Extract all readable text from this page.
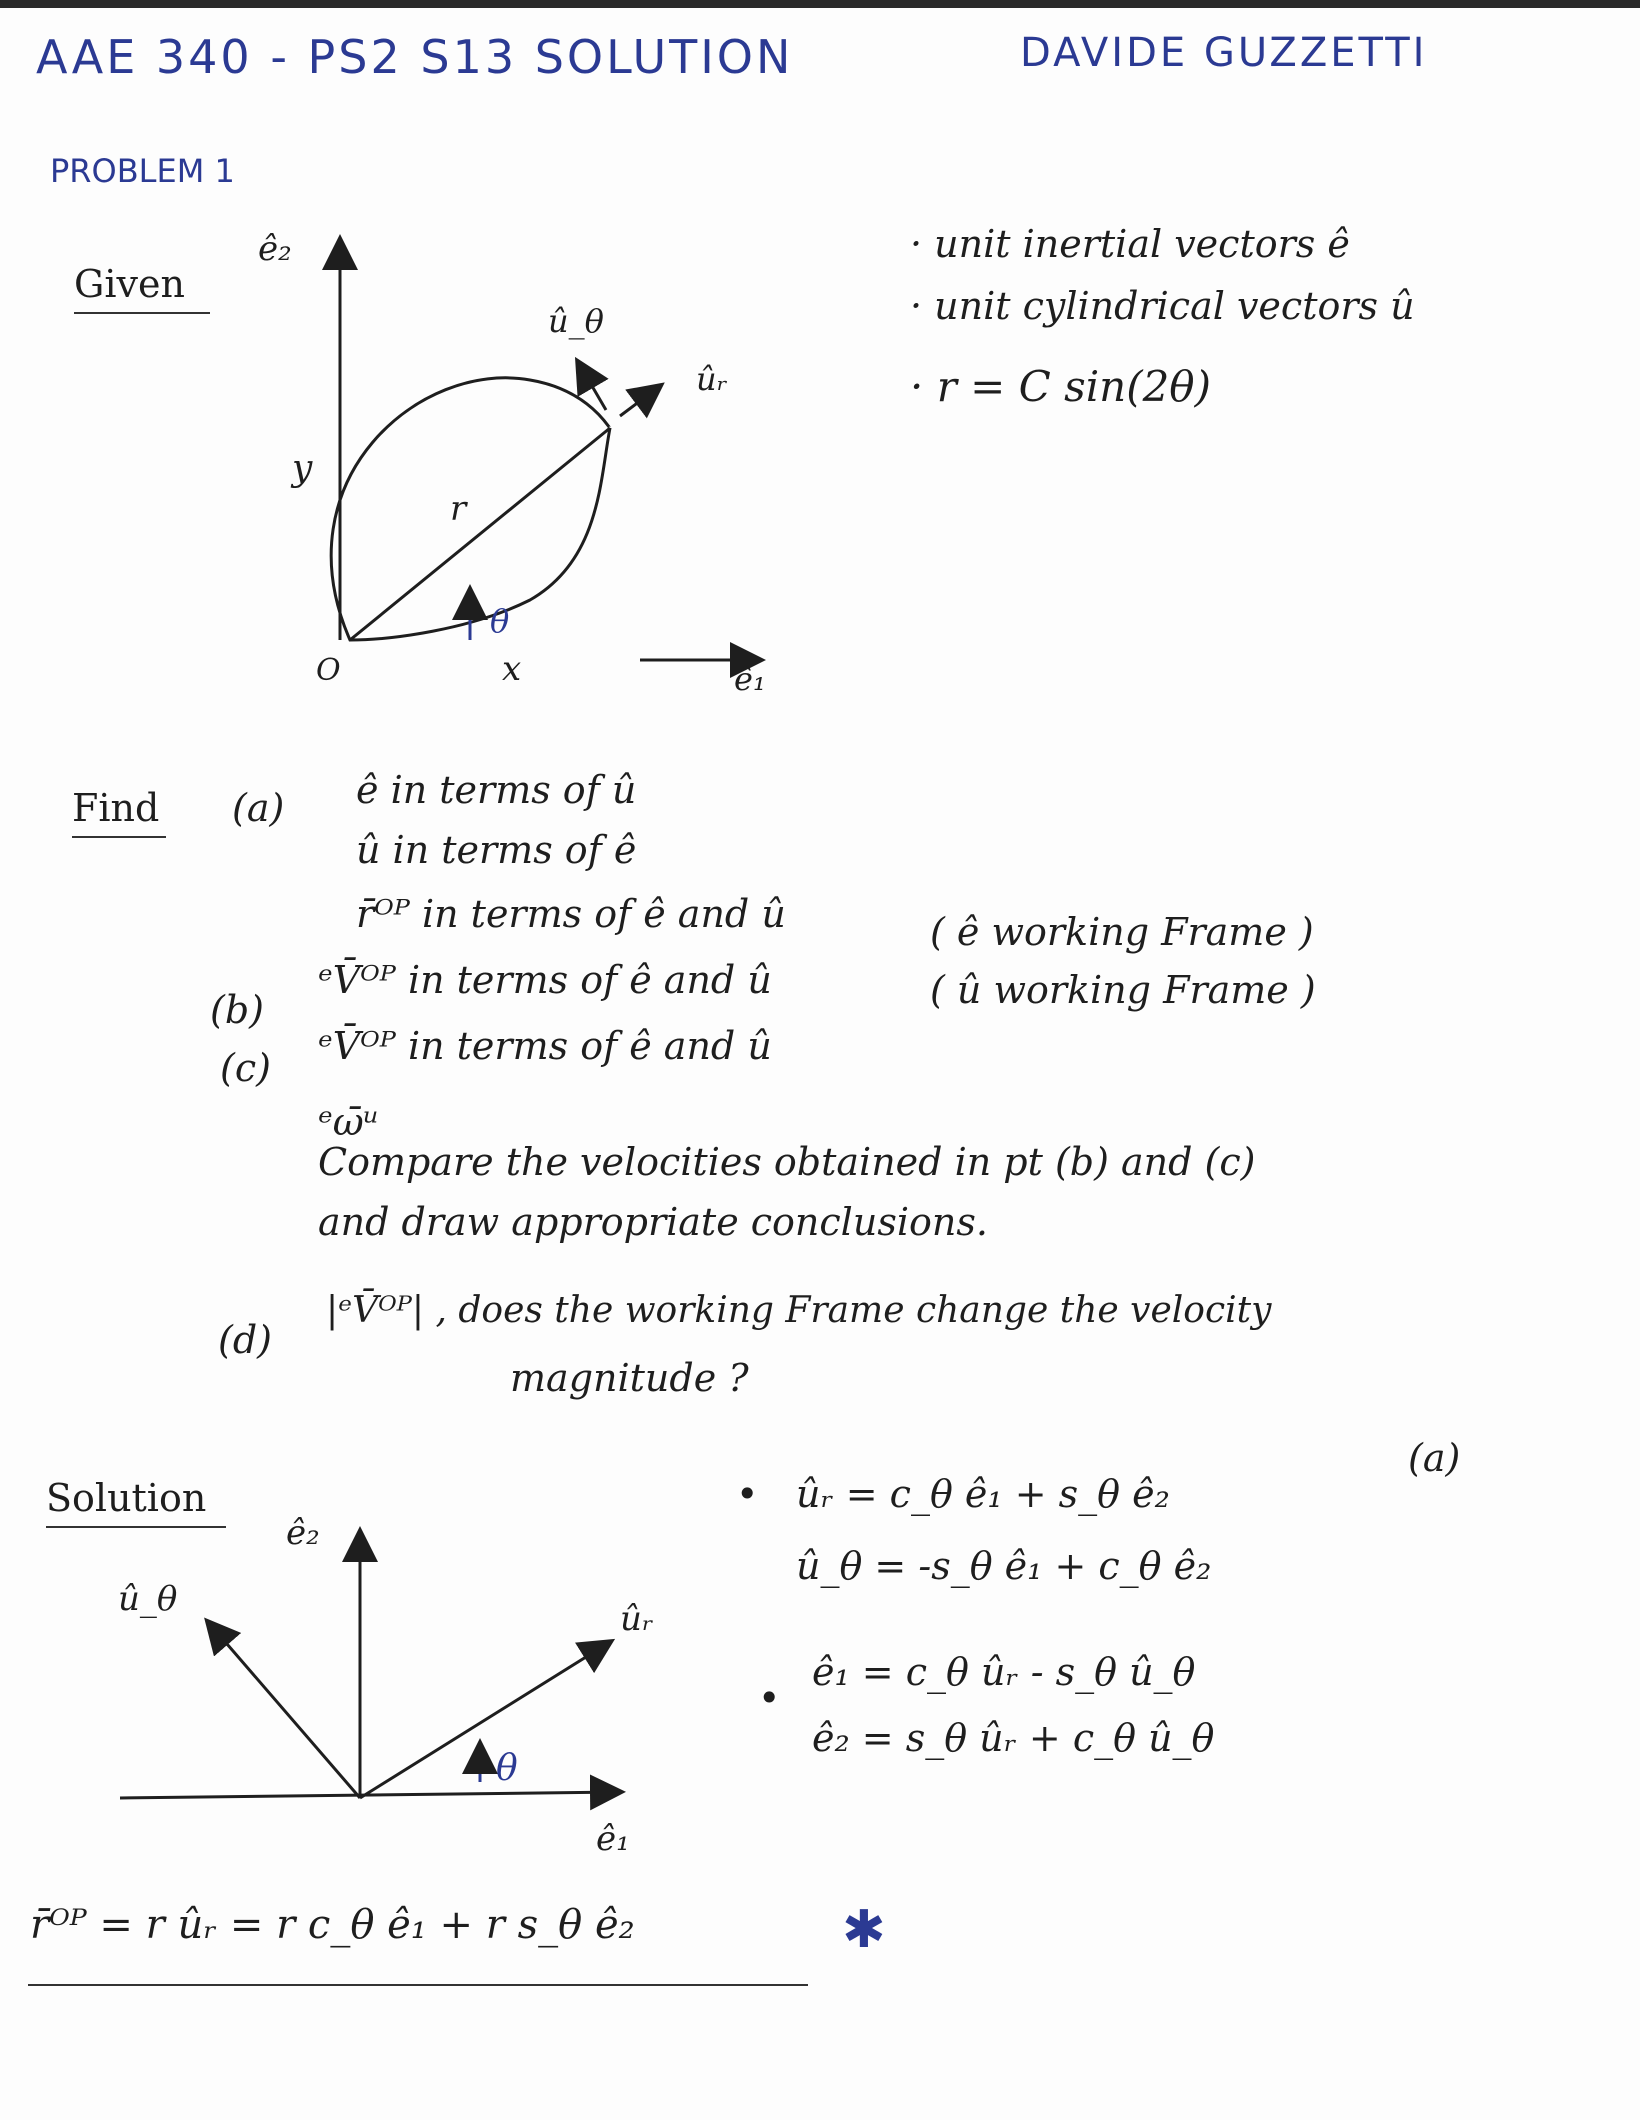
AAE 340 - PS2 S13 SOLUTION	DAVIDE GUZZETTI
PROBLEM 1
Given
ê₂
û_θ
ûᵣ
y
r
θ
O	x	ê₁
· unit inertial vectors ê
· unit cylindrical vectors û
· r = C sin(2θ)
Find (a) ê in terms of û
û in terms of ê
r̄ᴼᴾ in terms of ê and û
(b)
ᵉV̄ᴼᴾ in terms of ê and û
( ê working Frame )
(c) ᵉV̄ᴼᴾ in terms of ê and û
( û working Frame )
ᵉω̄ᵘ
Compare the velocities obtained in pt (b) and (c)
and draw appropriate conclusions.
(d)
|ᵉV̄ᴼᴾ| , does the working Frame change the velocity
magnitude ?
Solution
(a)
ê₂
û_θ	ûᵣ
θ
ê₁
• ûᵣ = c_θ ê₁ + s_θ ê₂
û_θ = -s_θ ê₁ + c_θ ê₂
•
ê₁ = c_θ ûᵣ - s_θ û_θ
ê₂ = s_θ ûᵣ + c_θ û_θ
r̄ᴼᴾ = r ûᵣ = r c_θ ê₁ + r s_θ ê₂	✱
